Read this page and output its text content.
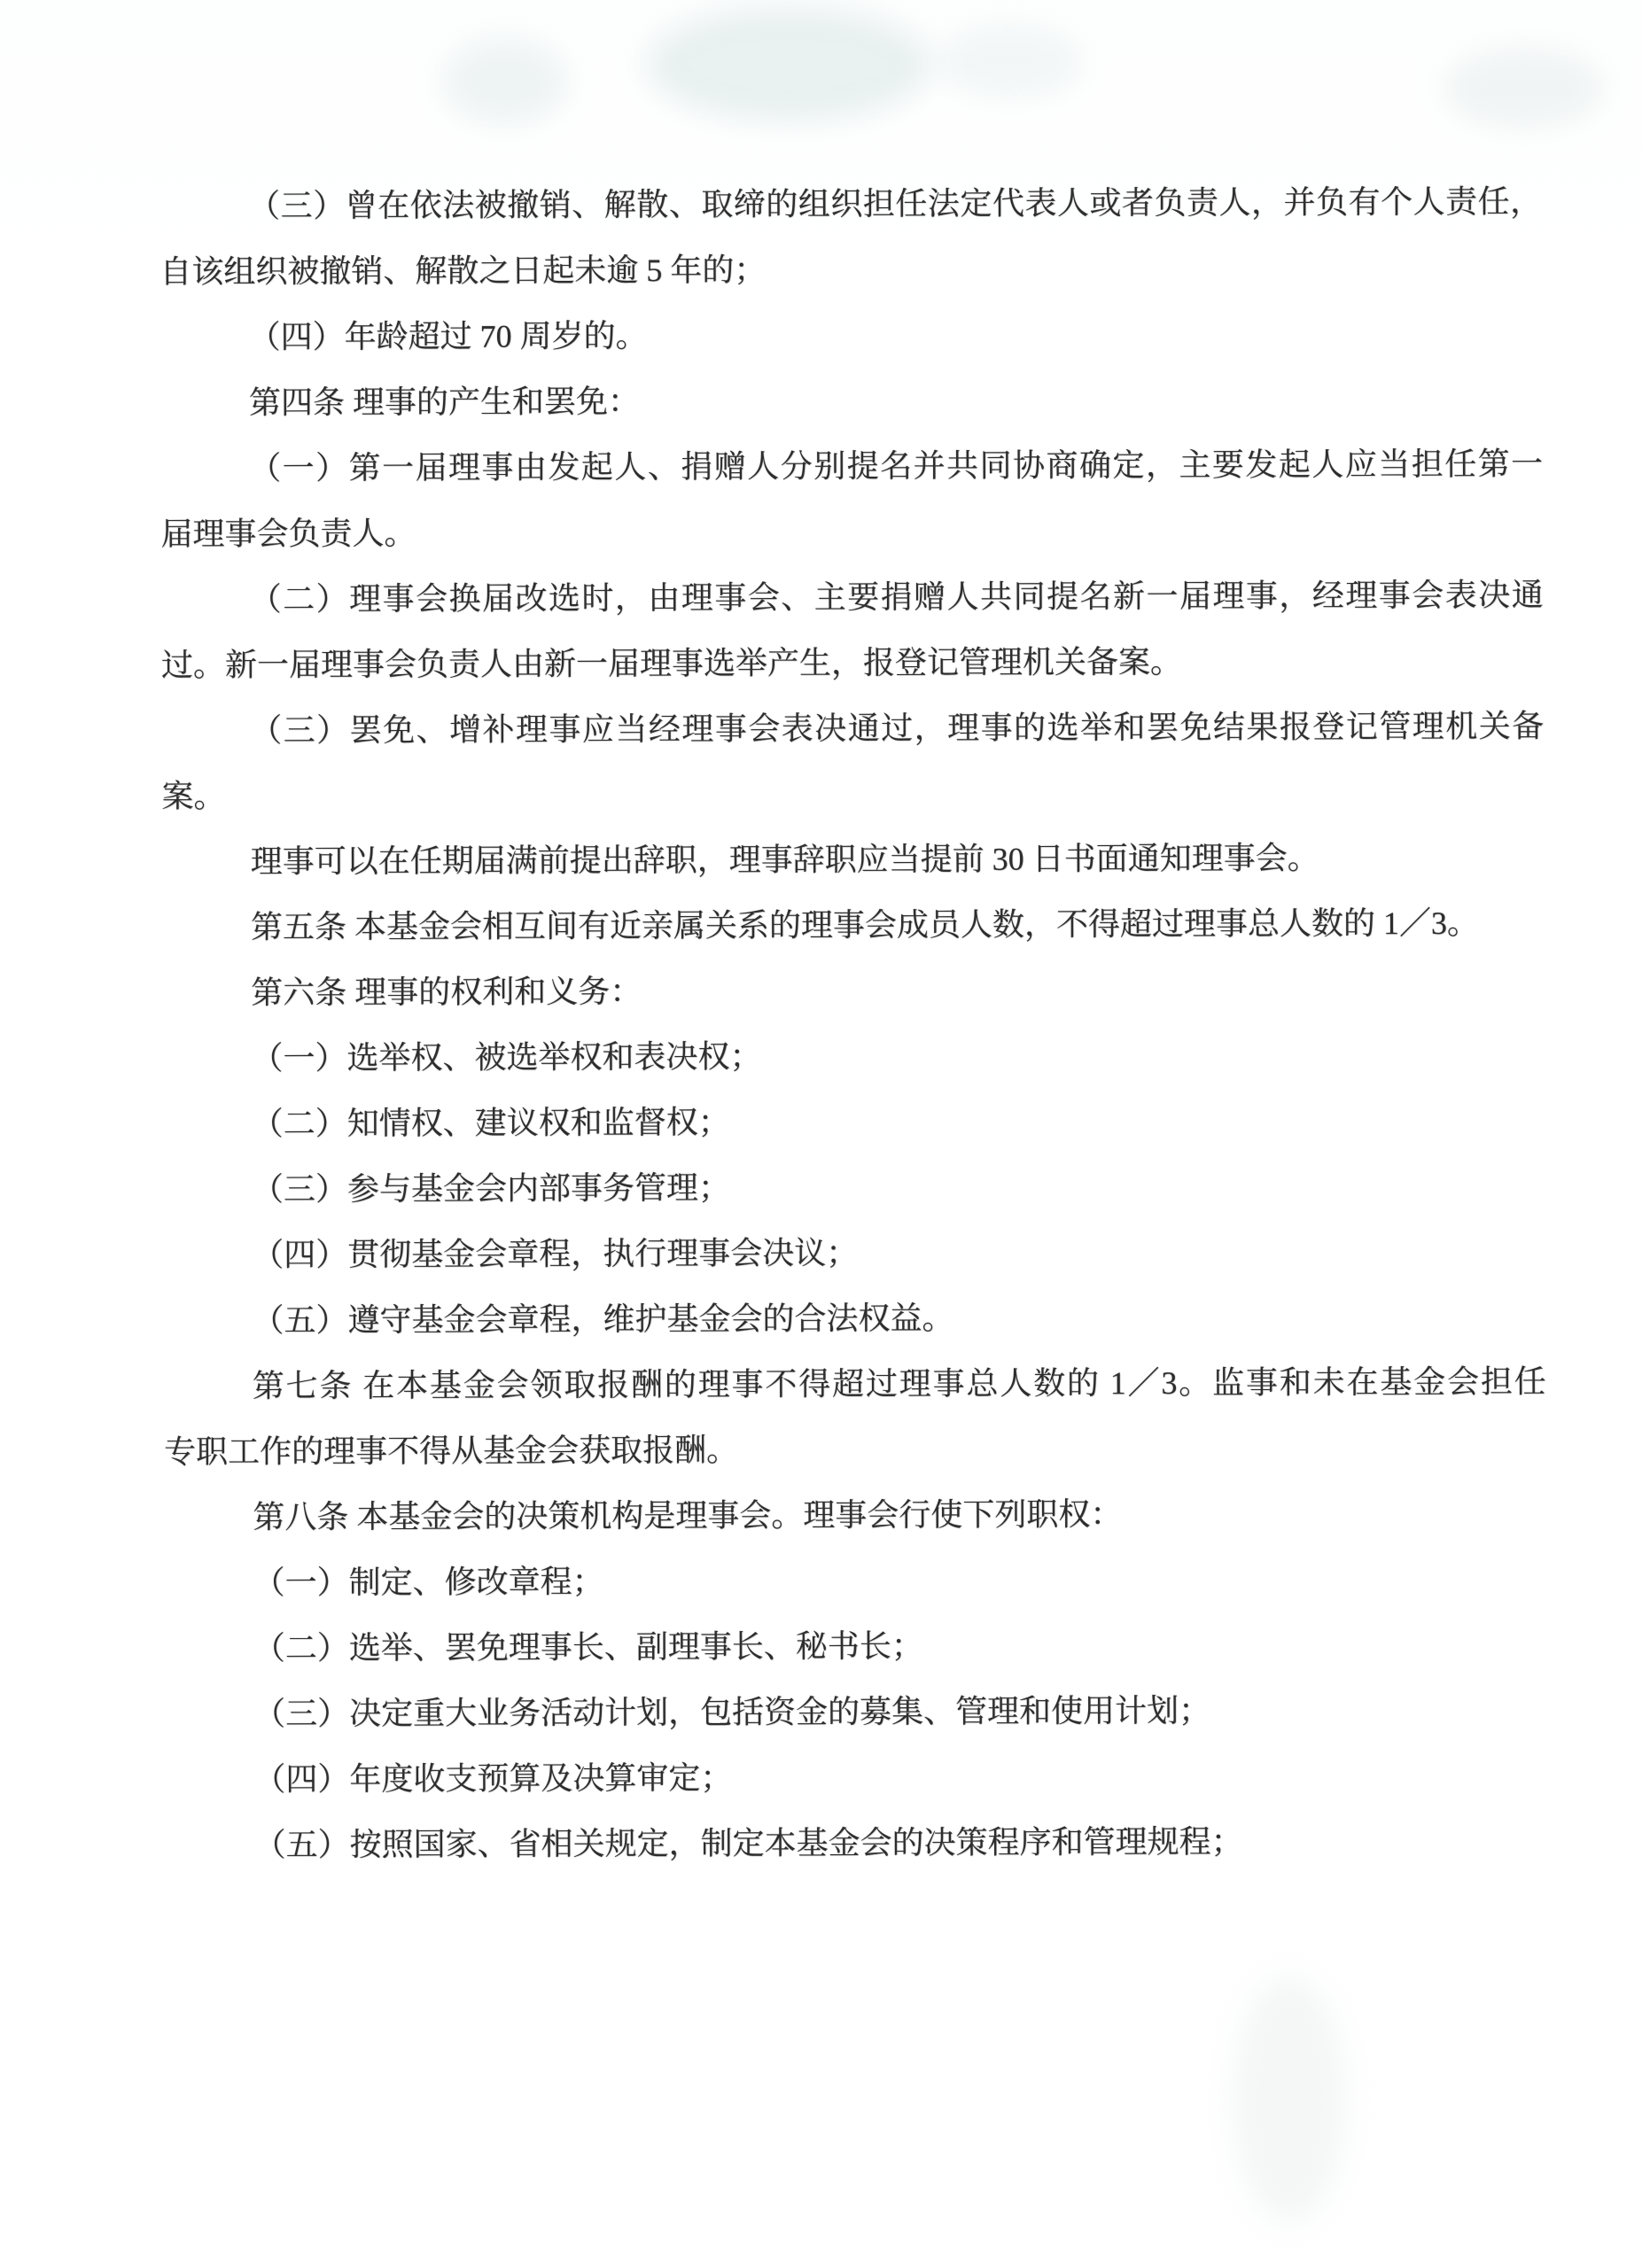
（三）曾在依法被撤销、解散、取缔的组织担任法定代表人或者负责人，并负有个人责任，

自该组织被撤销、解散之日起未逾 5 年的；

（四）年龄超过 70 周岁的。

第四条 理事的产生和罢免：

（一）第一届理事由发起人、捐赠人分别提名并共同协商确定，主要发起人应当担任第一

届理事会负责人。

（二）理事会换届改选时，由理事会、主要捐赠人共同提名新一届理事，经理事会表决通

过。新一届理事会负责人由新一届理事选举产生，报登记管理机关备案。

（三）罢免、增补理事应当经理事会表决通过，理事的选举和罢免结果报登记管理机关备

案。

理事可以在任期届满前提出辞职，理事辞职应当提前 30 日书面通知理事会。

第五条 本基金会相互间有近亲属关系的理事会成员人数，不得超过理事总人数的 1／3。

第六条 理事的权利和义务：

（一）选举权、被选举权和表决权；

（二）知情权、建议权和监督权；

（三）参与基金会内部事务管理；

（四）贯彻基金会章程，执行理事会决议；

（五）遵守基金会章程，维护基金会的合法权益。

第七条 在本基金会领取报酬的理事不得超过理事总人数的 1／3。监事和未在基金会担任

专职工作的理事不得从基金会获取报酬。

第八条 本基金会的决策机构是理事会。理事会行使下列职权：

（一）制定、修改章程；

（二）选举、罢免理事长、副理事长、秘书长；

（三）决定重大业务活动计划，包括资金的募集、管理和使用计划；

（四）年度收支预算及决算审定；

（五）按照国家、省相关规定，制定本基金会的决策程序和管理规程；
